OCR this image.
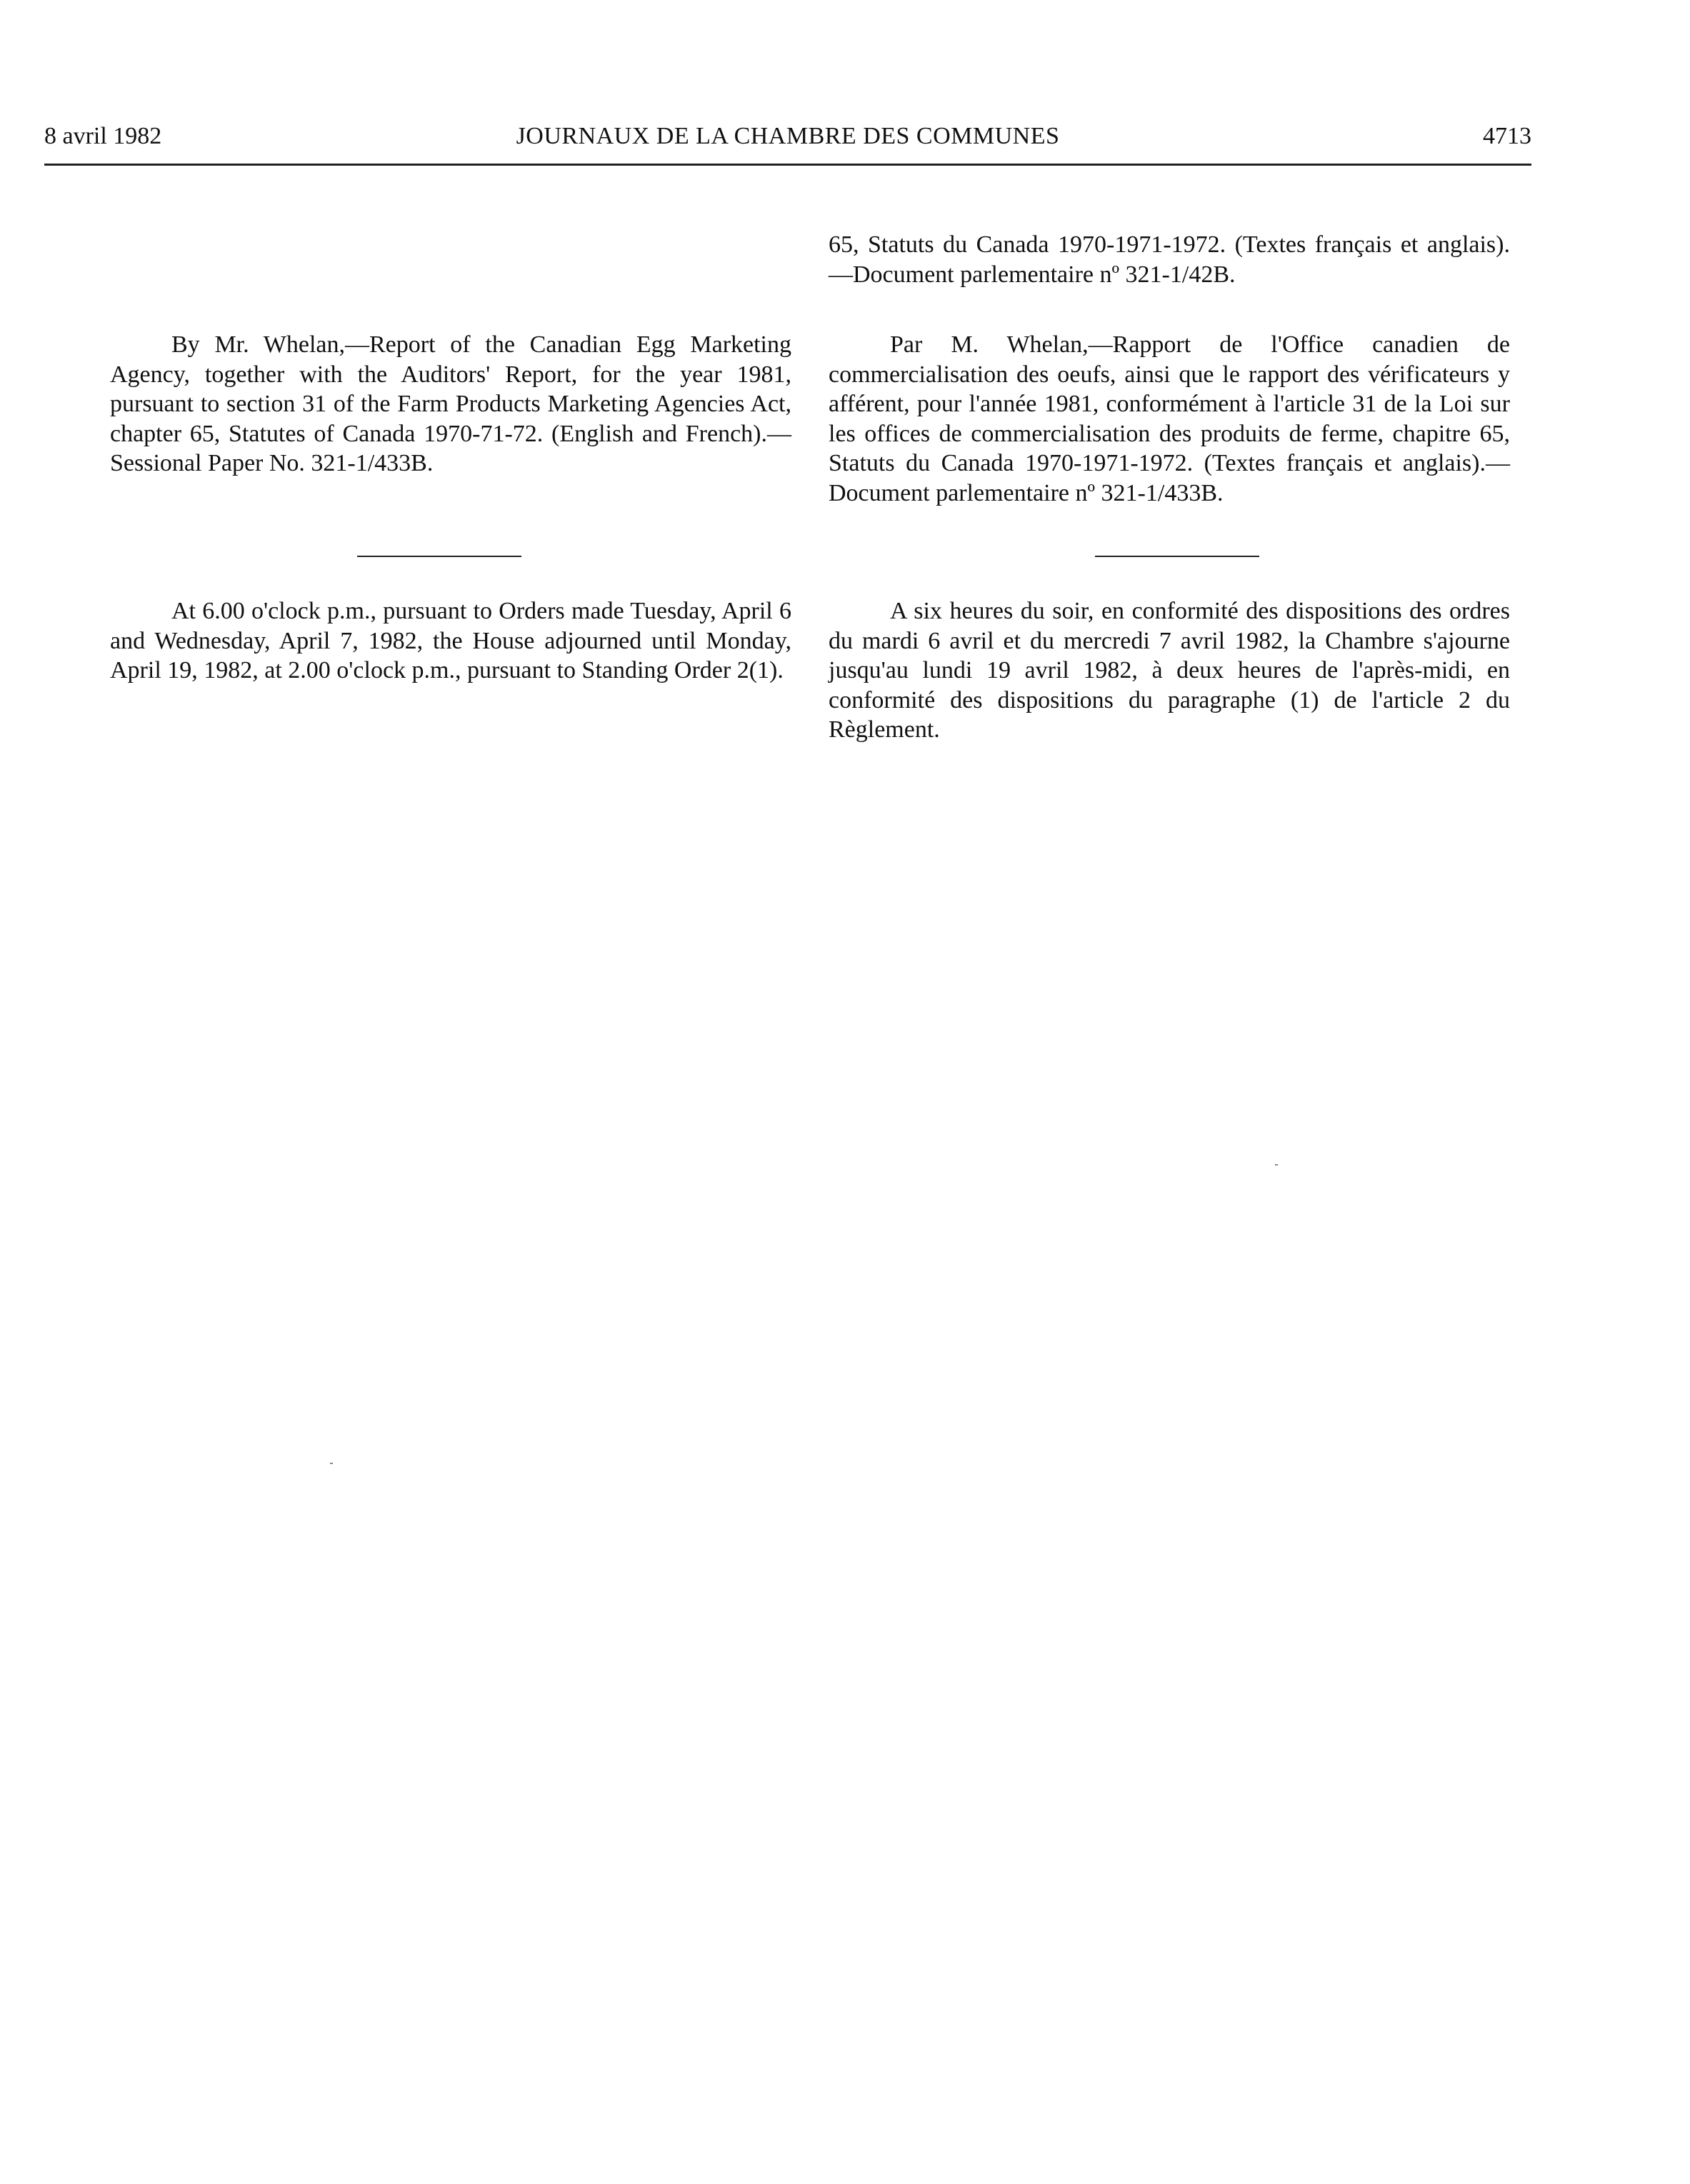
8 avril 1982	JOURNAUX DE LA CHAMBRE DES COMMUNES	4713

65, Statuts du Canada 1970-1971-1972. (Textes français et anglais).—Document parlementaire nº 321-1/42B.

By Mr. Whelan,—Report of the Canadian Egg Marketing Agency, together with the Auditors' Report, for the year 1981, pursuant to section 31 of the Farm Products Marketing Agencies Act, chapter 65, Statutes of Canada 1970-71-72. (English and French).—Sessional Paper No. 321-1/433B.

Par M. Whelan,—Rapport de l'Office canadien de commercialisation des oeufs, ainsi que le rapport des vérificateurs y afférent, pour l'année 1981, conformément à l'article 31 de la Loi sur les offices de commercialisation des produits de ferme, chapitre 65, Statuts du Canada 1970-1971-1972. (Textes français et anglais).—Document parlementaire nº 321-1/433B.

At 6.00 o'clock p.m., pursuant to Orders made Tuesday, April 6 and Wednesday, April 7, 1982, the House adjourned until Monday, April 19, 1982, at 2.00 o'clock p.m., pursuant to Standing Order 2(1).

A six heures du soir, en conformité des dispositions des ordres du mardi 6 avril et du mercredi 7 avril 1982, la Chambre s'ajourne jusqu'au lundi 19 avril 1982, à deux heures de l'après-midi, en conformité des dispositions du paragraphe (1) de l'article 2 du Règlement.
